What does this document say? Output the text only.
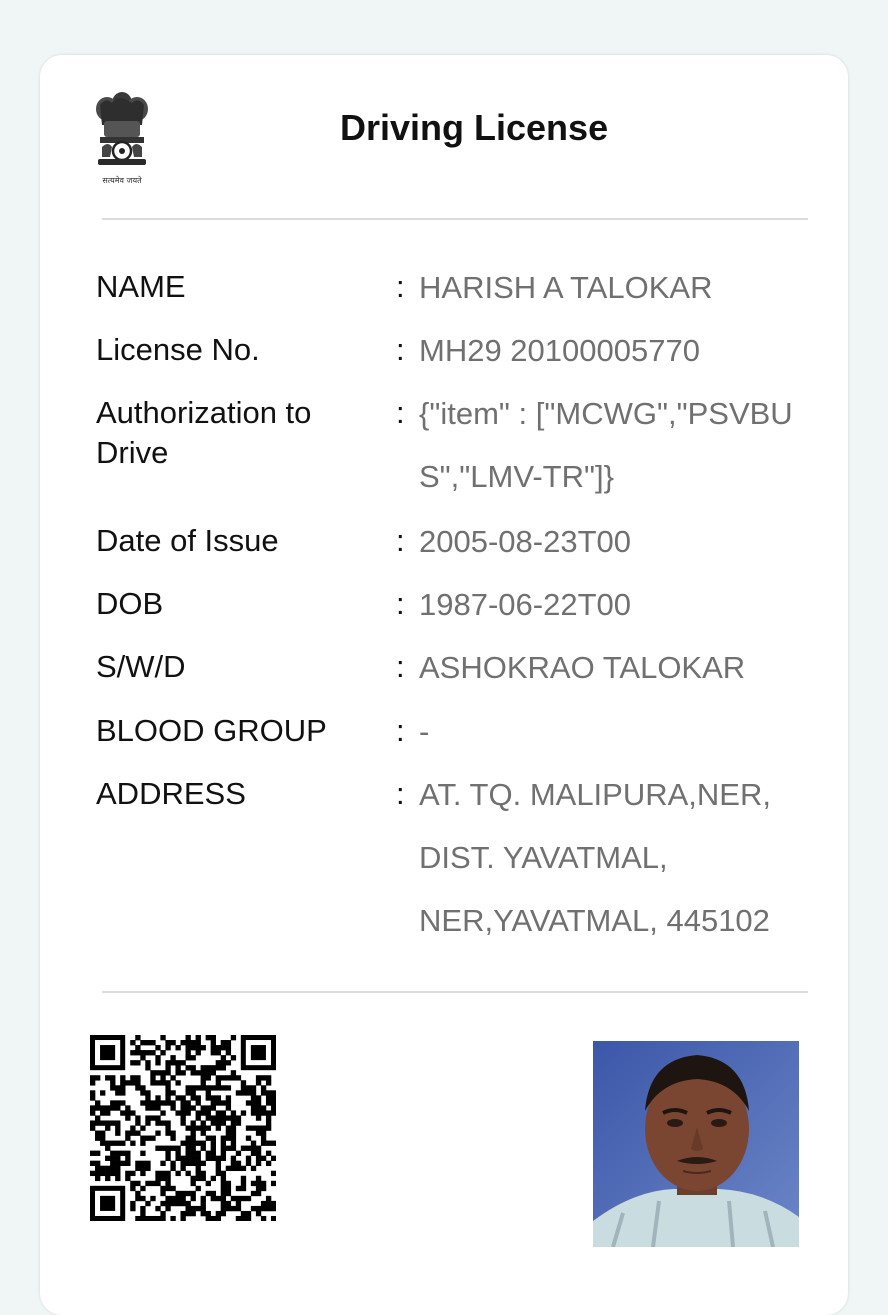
सत्यमेव जयते
Driving License
NAME	: HARISH A TALOKAR
License No.	: MH29 20100005770
Authorization to Drive
: {"item" : ["MCWG","PSVBUS","LMV-TR"]}
Date of Issue	: 2005-08-23T00
DOB	: 1987-06-22T00
S/W/D	: ASHOKRAO TALOKAR
BLOOD GROUP	: -
ADDRESS	: AT. TQ. MALIPURA,NER, DIST. YAVATMAL, NER,YAVATMAL, 445102
